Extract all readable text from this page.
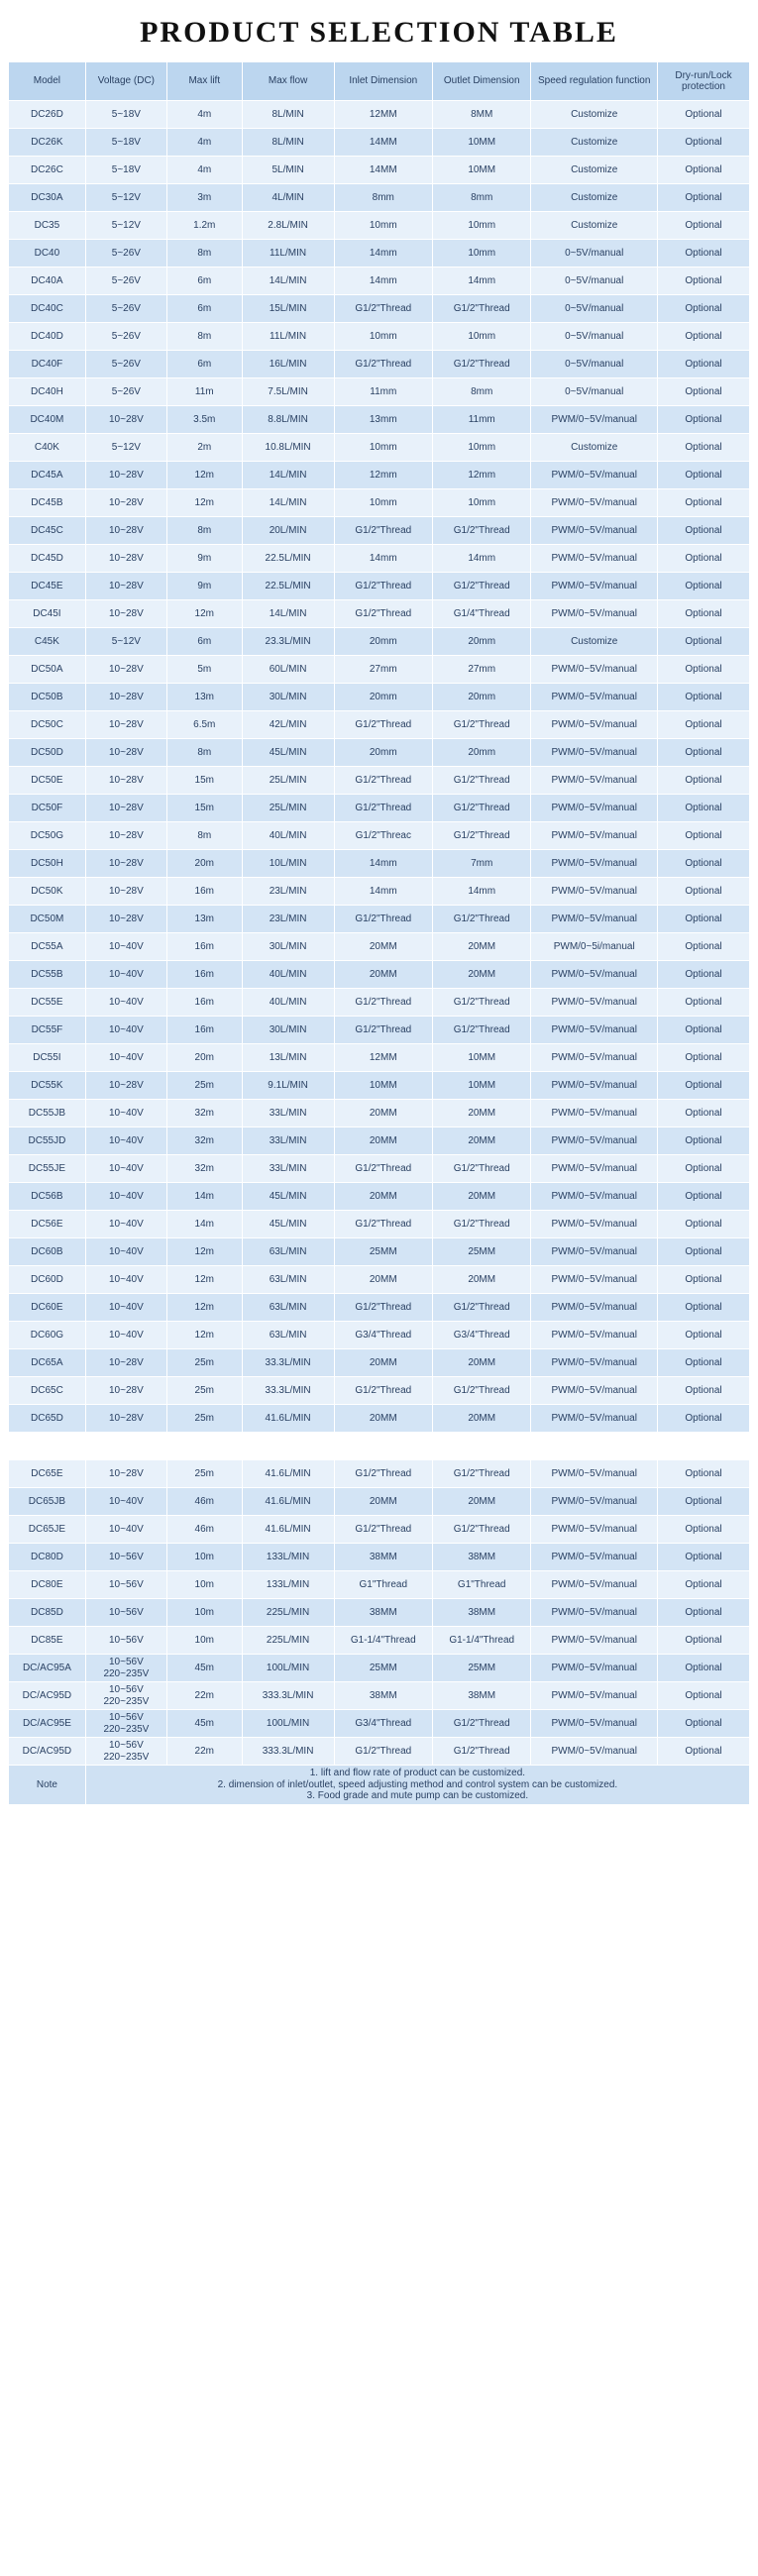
PRODUCT SELECTION TABLE
Model	Voltage (DC)	Max lift	Max flow	Inlet Dimension	Outlet Dimension	Speed regulation function	Dry-run/Lock protection
DC26D	5~18V	4m	8L/MIN	12MM	8MM	Customize	Optional
DC26K	5~18V	4m	8L/MIN	14MM	10MM	Customize	Optional
DC26C	5~18V	4m	5L/MIN	14MM	10MM	Customize	Optional
DC30A	5~12V	3m	4L/MIN	8mm	8mm	Customize	Optional
DC35	5~12V	1.2m	2.8L/MIN	10mm	10mm	Customize	Optional
DC40	5~26V	8m	11L/MIN	14mm	10mm	0~5V/manual	Optional
DC40A	5~26V	6m	14L/MIN	14mm	14mm	0~5V/manual	Optional
DC40C	5~26V	6m	15L/MIN	G1/2"Thread	G1/2"Thread	0~5V/manual	Optional
DC40D	5~26V	8m	11L/MIN	10mm	10mm	0~5V/manual	Optional
DC40F	5~26V	6m	16L/MIN	G1/2"Thread	G1/2"Thread	0~5V/manual	Optional
DC40H	5~26V	11m	7.5L/MIN	11mm	8mm	0~5V/manual	Optional
DC40M	10~28V	3.5m	8.8L/MIN	13mm	11mm	PWM/0~5V/manual	Optional
C40K	5~12V	2m	10.8L/MIN	10mm	10mm	Customize	Optional
DC45A	10~28V	12m	14L/MIN	12mm	12mm	PWM/0~5V/manual	Optional
DC45B	10~28V	12m	14L/MIN	10mm	10mm	PWM/0~5V/manual	Optional
DC45C	10~28V	8m	20L/MIN	G1/2"Thread	G1/2"Thread	PWM/0~5V/manual	Optional
DC45D	10~28V	9m	22.5L/MIN	14mm	14mm	PWM/0~5V/manual	Optional
DC45E	10~28V	9m	22.5L/MIN	G1/2"Thread	G1/2"Thread	PWM/0~5V/manual	Optional
DC45I	10~28V	12m	14L/MIN	G1/2"Thread	G1/4"Thread	PWM/0~5V/manual	Optional
C45K	5~12V	6m	23.3L/MIN	20mm	20mm	Customize	Optional
DC50A	10~28V	5m	60L/MIN	27mm	27mm	PWM/0~5V/manual	Optional
DC50B	10~28V	13m	30L/MIN	20mm	20mm	PWM/0~5V/manual	Optional
DC50C	10~28V	6.5m	42L/MIN	G1/2"Thread	G1/2"Thread	PWM/0~5V/manual	Optional
DC50D	10~28V	8m	45L/MIN	20mm	20mm	PWM/0~5V/manual	Optional
DC50E	10~28V	15m	25L/MIN	G1/2"Thread	G1/2"Thread	PWM/0~5V/manual	Optional
DC50F	10~28V	15m	25L/MIN	G1/2"Thread	G1/2"Thread	PWM/0~5V/manual	Optional
DC50G	10~28V	8m	40L/MIN	G1/2"Threac	G1/2"Thread	PWM/0~5V/manual	Optional
DC50H	10~28V	20m	10L/MIN	14mm	7mm	PWM/0~5V/manual	Optional
DC50K	10~28V	16m	23L/MIN	14mm	14mm	PWM/0~5V/manual	Optional
DC50M	10~28V	13m	23L/MIN	G1/2"Thread	G1/2"Thread	PWM/0~5V/manual	Optional
DC55A	10~40V	16m	30L/MIN	20MM	20MM	PWM/0~5i/manual	Optional
DC55B	10~40V	16m	40L/MIN	20MM	20MM	PWM/0~5V/manual	Optional
DC55E	10~40V	16m	40L/MIN	G1/2"Thread	G1/2"Thread	PWM/0~5V/manual	Optional
DC55F	10~40V	16m	30L/MIN	G1/2"Thread	G1/2"Thread	PWM/0~5V/manual	Optional
DC55I	10~40V	20m	13L/MIN	12MM	10MM	PWM/0~5V/manual	Optional
DC55K	10~28V	25m	9.1L/MIN	10MM	10MM	PWM/0~5V/manual	Optional
DC55JB	10~40V	32m	33L/MIN	20MM	20MM	PWM/0~5V/manual	Optional
DC55JD	10~40V	32m	33L/MIN	20MM	20MM	PWM/0~5V/manual	Optional
DC55JE	10~40V	32m	33L/MIN	G1/2"Thread	G1/2"Thread	PWM/0~5V/manual	Optional
DC56B	10~40V	14m	45L/MIN	20MM	20MM	PWM/0~5V/manual	Optional
DC56E	10~40V	14m	45L/MIN	G1/2"Thread	G1/2"Thread	PWM/0~5V/manual	Optional
DC60B	10~40V	12m	63L/MIN	25MM	25MM	PWM/0~5V/manual	Optional
DC60D	10~40V	12m	63L/MIN	20MM	20MM	PWM/0~5V/manual	Optional
DC60E	10~40V	12m	63L/MIN	G1/2"Thread	G1/2"Thread	PWM/0~5V/manual	Optional
DC60G	10~40V	12m	63L/MIN	G3/4"Thread	G3/4"Thread	PWM/0~5V/manual	Optional
DC65A	10~28V	25m	33.3L/MIN	20MM	20MM	PWM/0~5V/manual	Optional
DC65C	10~28V	25m	33.3L/MIN	G1/2"Thread	G1/2"Thread	PWM/0~5V/manual	Optional
DC65D	10~28V	25m	41.6L/MIN	20MM	20MM	PWM/0~5V/manual	Optional

DC65E	10~28V	25m	41.6L/MIN	G1/2"Thread	G1/2"Thread	PWM/0~5V/manual	Optional
DC65JB	10~40V	46m	41.6L/MIN	20MM	20MM	PWM/0~5V/manual	Optional
DC65JE	10~40V	46m	41.6L/MIN	G1/2"Thread	G1/2"Thread	PWM/0~5V/manual	Optional
DC80D	10~56V	10m	133L/MIN	38MM	38MM	PWM/0~5V/manual	Optional
DC80E	10~56V	10m	133L/MIN	G1"Thread	G1"Thread	PWM/0~5V/manual	Optional
DC85D	10~56V	10m	225L/MIN	38MM	38MM	PWM/0~5V/manual	Optional
DC85E	10~56V	10m	225L/MIN	G1-1/4"Thread	G1-1/4"Thread	PWM/0~5V/manual	Optional
DC/AC95A	10~56V 220~235V	45m	100L/MIN	25MM	25MM	PWM/0~5V/manual	Optional
DC/AC95D	10~56V 220~235V	22m	333.3L/MIN	38MM	38MM	PWM/0~5V/manual	Optional
DC/AC95E	10~56V 220~235V	45m	100L/MIN	G3/4"Thread	G1/2"Thread	PWM/0~5V/manual	Optional
DC/AC95D	10~56V 220~235V	22m	333.3L/MIN	G1/2"Thread	G1/2"Thread	PWM/0~5V/manual	Optional
Note	1. lift and flow rate of product can be customized.
2. dimension of inlet/outlet, speed adjusting method and control system can be customized.
3. Food grade and mute pump can be customized.						
